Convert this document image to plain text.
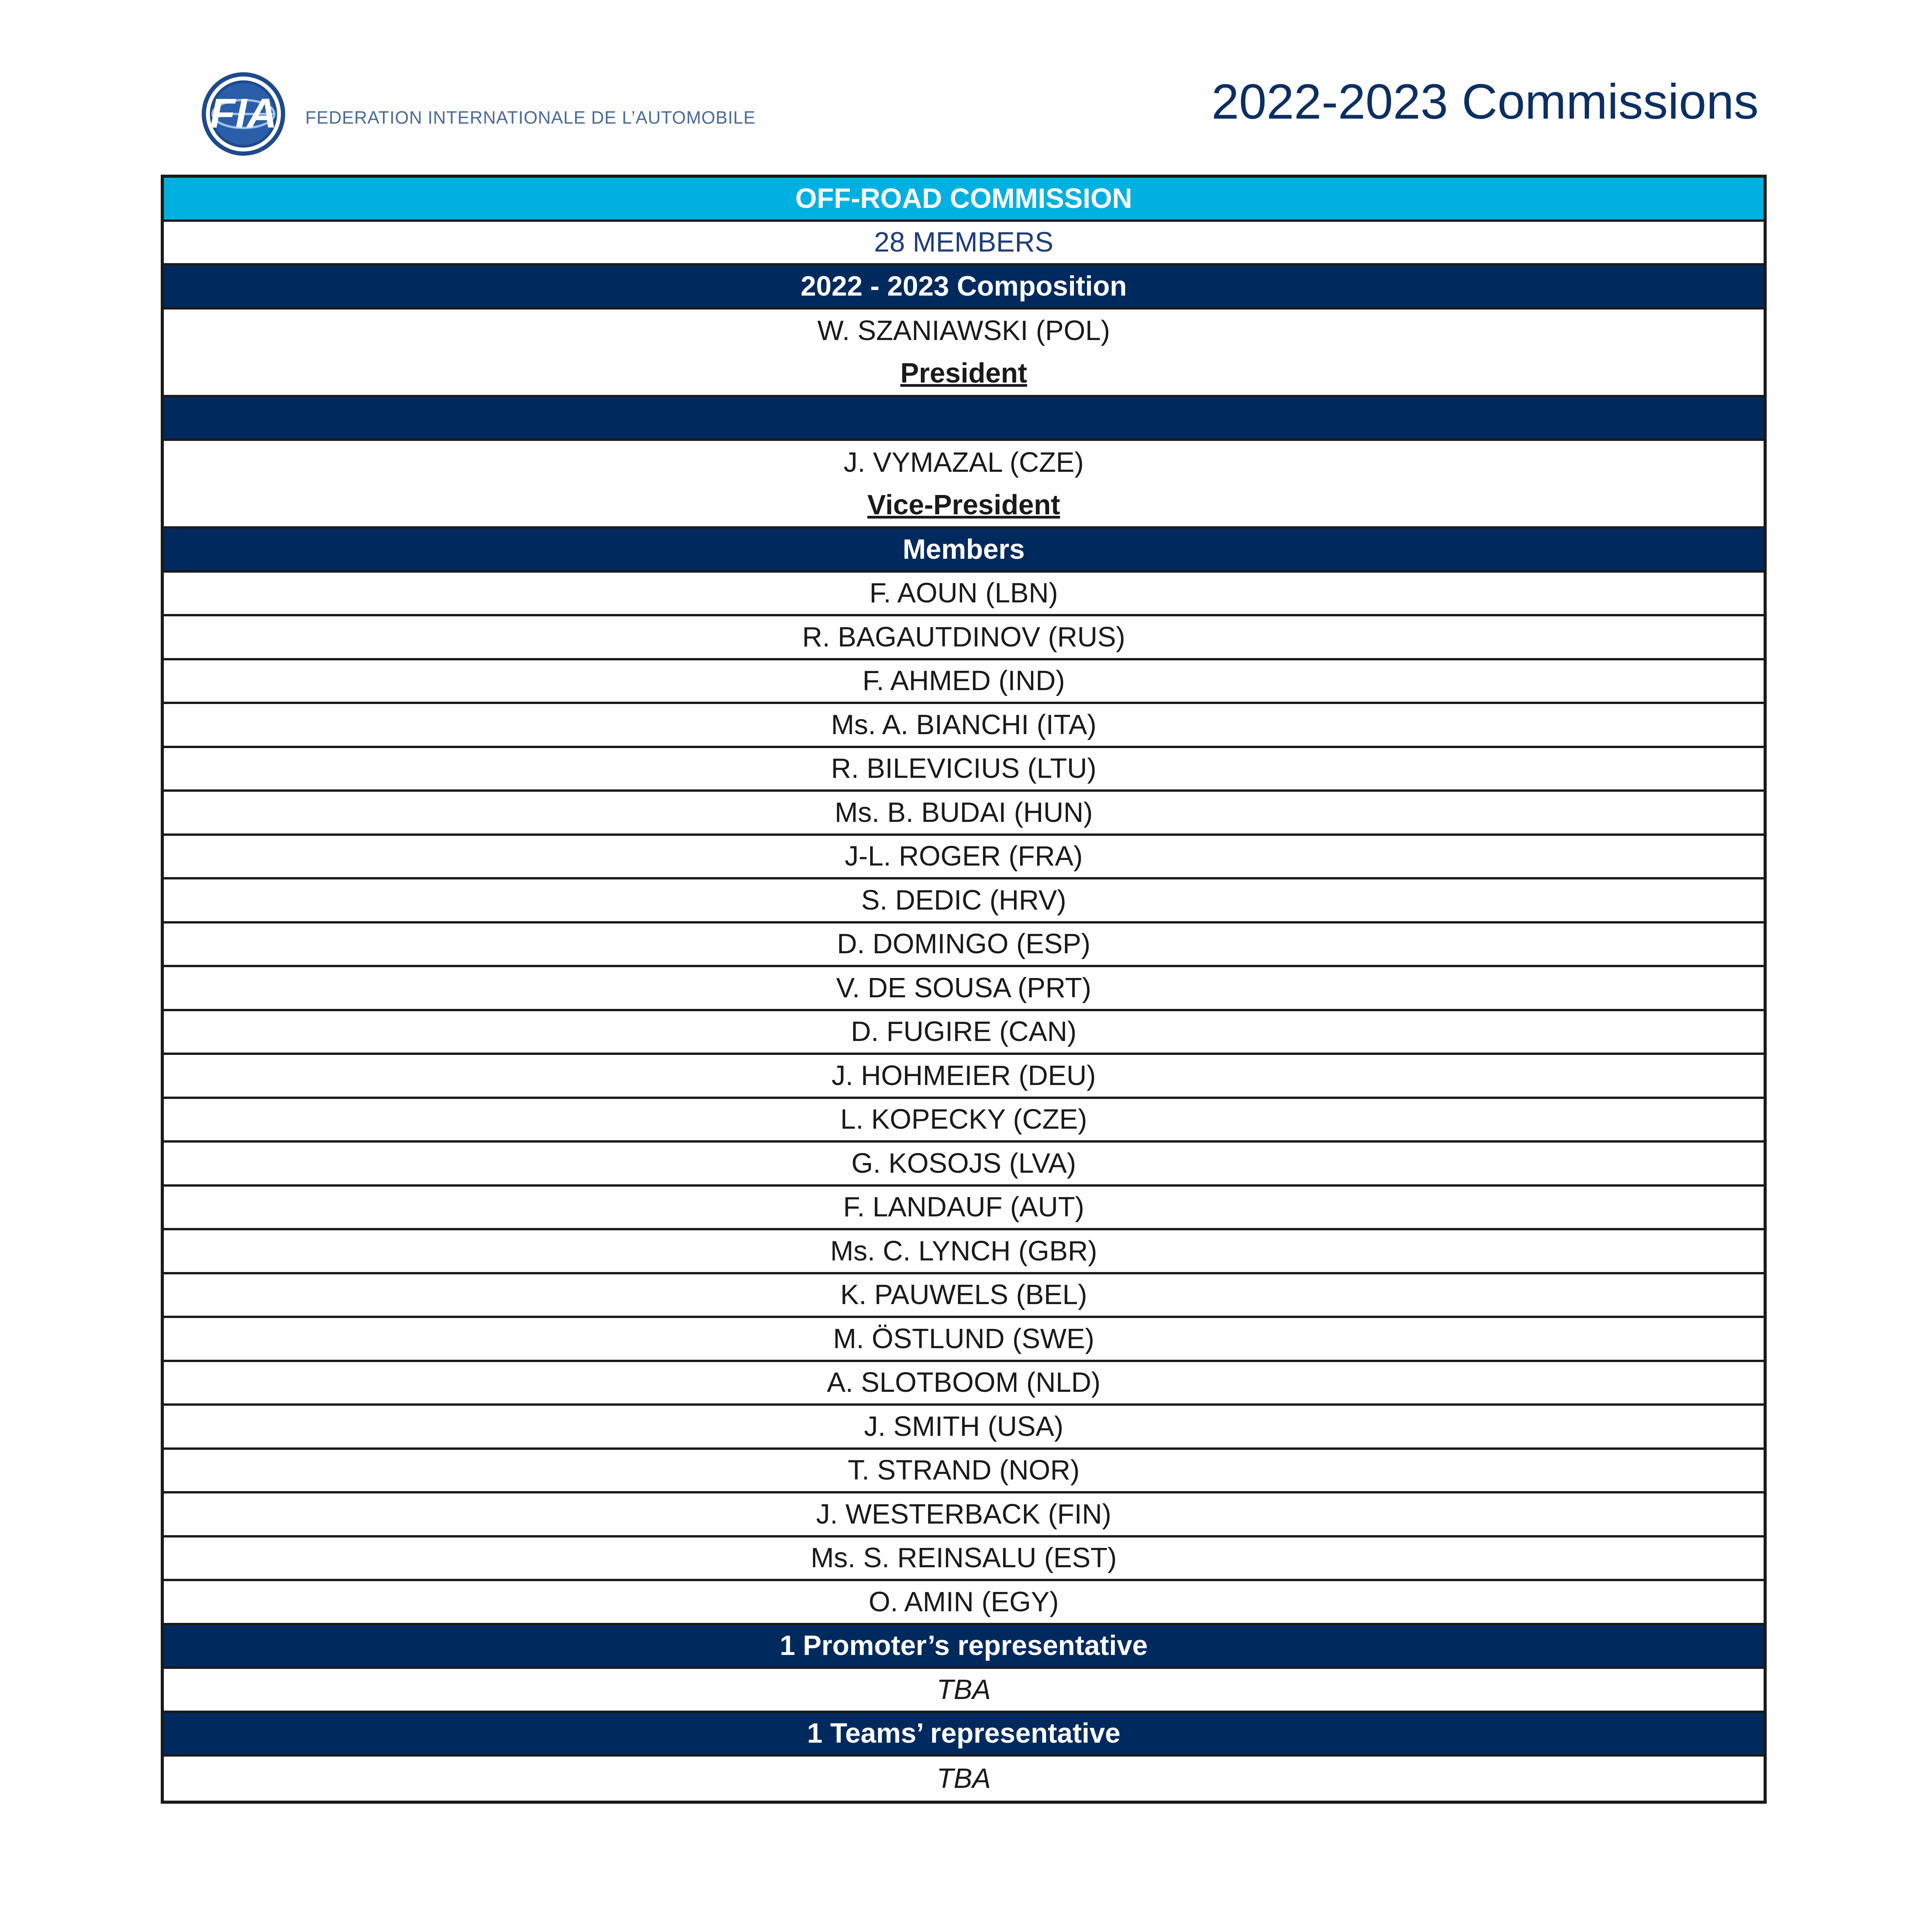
FIA FEDERATION INTERNATIONALE DE L’AUTOMOBILE	2022-2023 Commissions
OFF-ROAD COMMISSION
28 MEMBERS
2022 - 2023 Composition
W. SZANIAWSKI (POL)
President
J. VYMAZAL (CZE)
Vice-President
Members
F. AOUN (LBN)
R. BAGAUTDINOV (RUS)
F. AHMED (IND)
Ms. A. BIANCHI (ITA)
R. BILEVICIUS (LTU)
Ms. B. BUDAI (HUN)
J-L. ROGER (FRA)
S. DEDIC (HRV)
D. DOMINGO (ESP)
V. DE SOUSA (PRT)
D. FUGIRE (CAN)
J. HOHMEIER (DEU)
L. KOPECKY (CZE)
G. KOSOJS (LVA)
F. LANDAUF (AUT)
Ms. C. LYNCH (GBR)
K. PAUWELS (BEL)
M. ÖSTLUND (SWE)
A. SLOTBOOM (NLD)
J. SMITH (USA)
T. STRAND (NOR)
J. WESTERBACK (FIN)
Ms. S. REINSALU (EST)
O. AMIN (EGY)
1 Promoter’s representative
TBA
1 Teams’ representative
TBA
